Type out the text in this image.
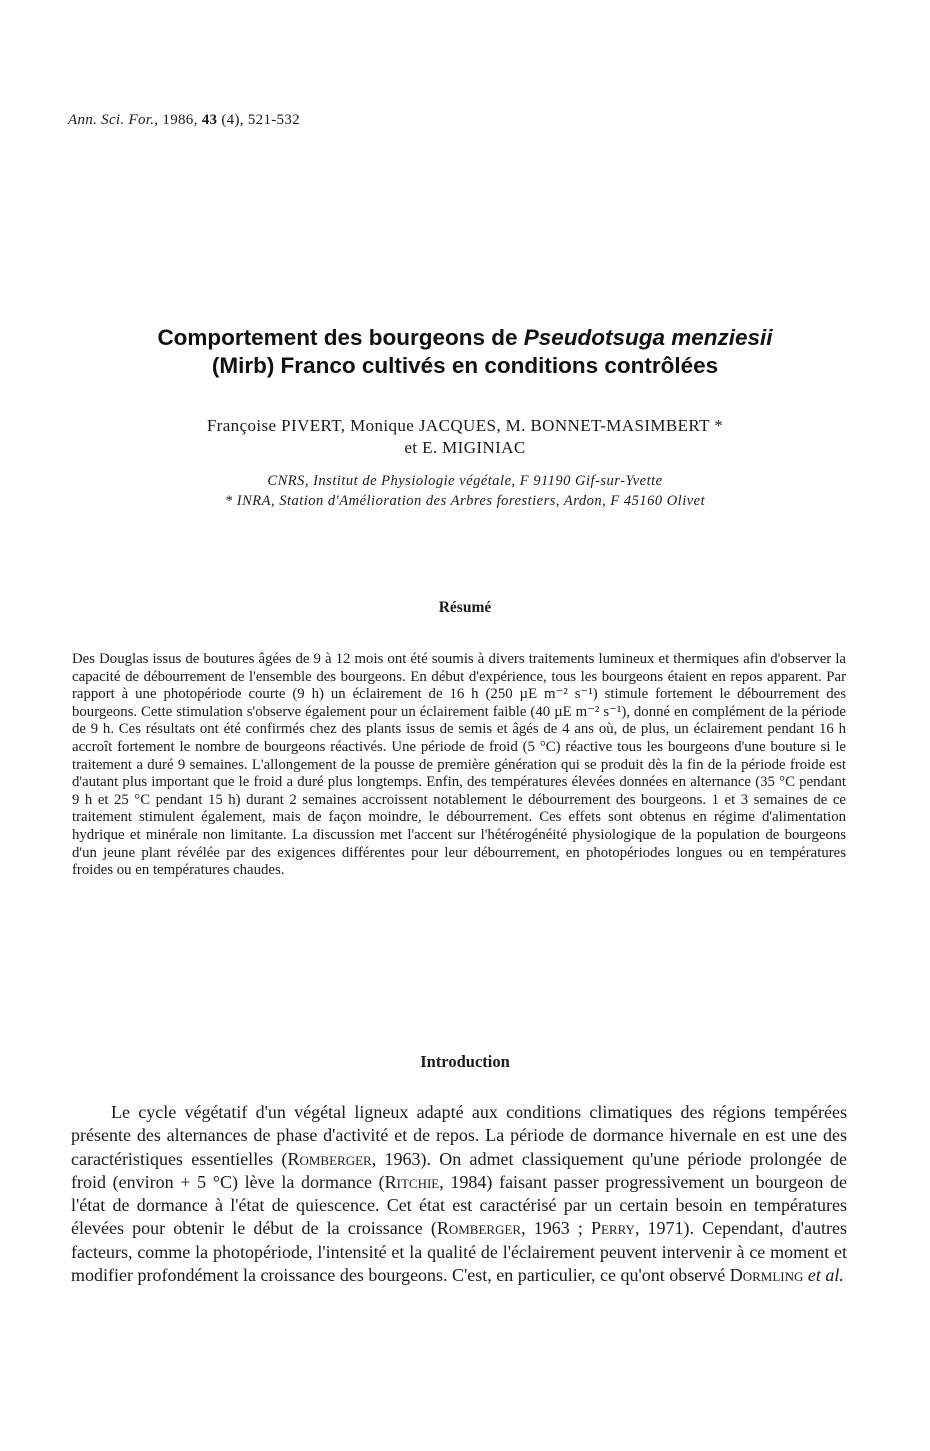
Ann. Sci. For., 1986, 43 (4), 521-532
Comportement des bourgeons de Pseudotsuga menziesii
(Mirb) Franco cultivés en conditions contrôlées
Françoise PIVERT, Monique JACQUES, M. BONNET-MASIMBERT *
et E. MIGINIAC
CNRS, Institut de Physiologie végétale, F 91190 Gif-sur-Yvette
* INRA, Station d'Amélioration des Arbres forestiers, Ardon, F 45160 Olivet
Résumé
Des Douglas issus de boutures âgées de 9 à 12 mois ont été soumis à divers traitements lumineux et thermiques afin d'observer la capacité de débourrement de l'ensemble des bourgeons. En début d'expérience, tous les bourgeons étaient en repos apparent. Par rapport à une photopériode courte (9 h) un éclairement de 16 h (250 µE m⁻² s⁻¹) stimule fortement le débourrement des bourgeons. Cette stimulation s'observe également pour un éclairement faible (40 µE m⁻² s⁻¹), donné en complément de la période de 9 h. Ces résultats ont été confirmés chez des plants issus de semis et âgés de 4 ans où, de plus, un éclairement pendant 16 h accroît fortement le nombre de bourgeons réactivés. Une période de froid (5 °C) réactive tous les bourgeons d'une bouture si le traitement a duré 9 semaines. L'allongement de la pousse de première génération qui se produit dès la fin de la période froide est d'autant plus important que le froid a duré plus longtemps. Enfin, des températures élevées données en alternance (35 °C pendant 9 h et 25 °C pendant 15 h) durant 2 semaines accroissent notablement le débourrement des bourgeons. 1 et 3 semaines de ce traitement stimulent également, mais de façon moindre, le débourrement. Ces effets sont obtenus en régime d'alimentation hydrique et minérale non limitante. La discussion met l'accent sur l'hétérogénéité physiologique de la population de bourgeons d'un jeune plant révélée par des exigences différentes pour leur débourrement, en photopériodes longues ou en températures froides ou en températures chaudes.
Introduction
Le cycle végétatif d'un végétal ligneux adapté aux conditions climatiques des régions tempérées présente des alternances de phase d'activité et de repos. La période de dormance hivernale en est une des caractéristiques essentielles (Romberger, 1963). On admet classiquement qu'une période prolongée de froid (environ + 5 °C) lève la dormance (Ritchie, 1984) faisant passer progressivement un bourgeon de l'état de dormance à l'état de quiescence. Cet état est caractérisé par un certain besoin en températures élevées pour obtenir le début de la croissance (Romberger, 1963 ; Perry, 1971). Cependant, d'autres facteurs, comme la photopériode, l'intensité et la qualité de l'éclairement peuvent intervenir à ce moment et modifier profondément la croissance des bourgeons. C'est, en particulier, ce qu'ont observé Dormling et al.
